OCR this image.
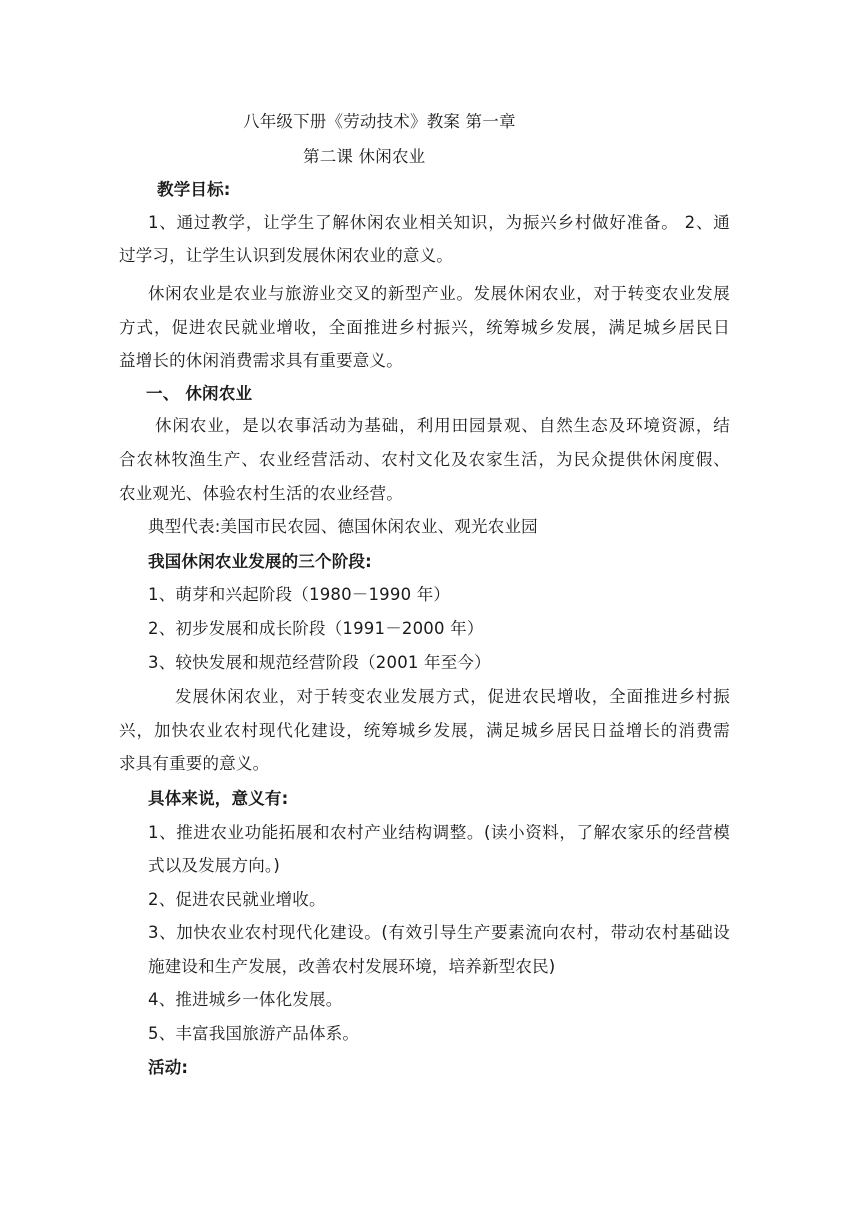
八年级下册《劳动技术》教案 第一章
第二课 休闲农业
教学目标:
1、通过教学，让学生了解休闲农业相关知识，为振兴乡村做好准备。 2、通
过学习，让学生认识到发展休闲农业的意义。
休闲农业是农业与旅游业交叉的新型产业。发展休闲农业，对于转变农业发展
方式，促进农民就业增收，全面推进乡村振兴，统筹城乡发展，满足城乡居民日
益增长的休闲消费需求具有重要意义。
一、 休闲农业
休闲农业，是以农事活动为基础，利用田园景观、自然生态及环境资源，结
合农林牧渔生产、农业经营活动、农村文化及农家生活，为民众提供休闲度假、
农业观光、体验农村生活的农业经营。
典型代表:美国市民农园、德国休闲农业、观光农业园
我国休闲农业发展的三个阶段:
1、萌芽和兴起阶段（1980－1990 年）
2、初步发展和成长阶段（1991－2000 年）
3、较快发展和规范经营阶段（2001 年至今）
发展休闲农业，对于转变农业发展方式，促进农民增收，全面推进乡村振
兴，加快农业农村现代化建设，统筹城乡发展，满足城乡居民日益增长的消费需
求具有重要的意义。
具体来说，意义有:
1、推进农业功能拓展和农村产业结构调整。(读小资料，了解农家乐的经营模
式以及发展方向。)
2、促进农民就业增收。
3、加快农业农村现代化建设。(有效引导生产要素流向农村，带动农村基础设
施建设和生产发展，改善农村发展环境，培养新型农民)
4、推进城乡一体化发展。
5、丰富我国旅游产品体系。
活动:
